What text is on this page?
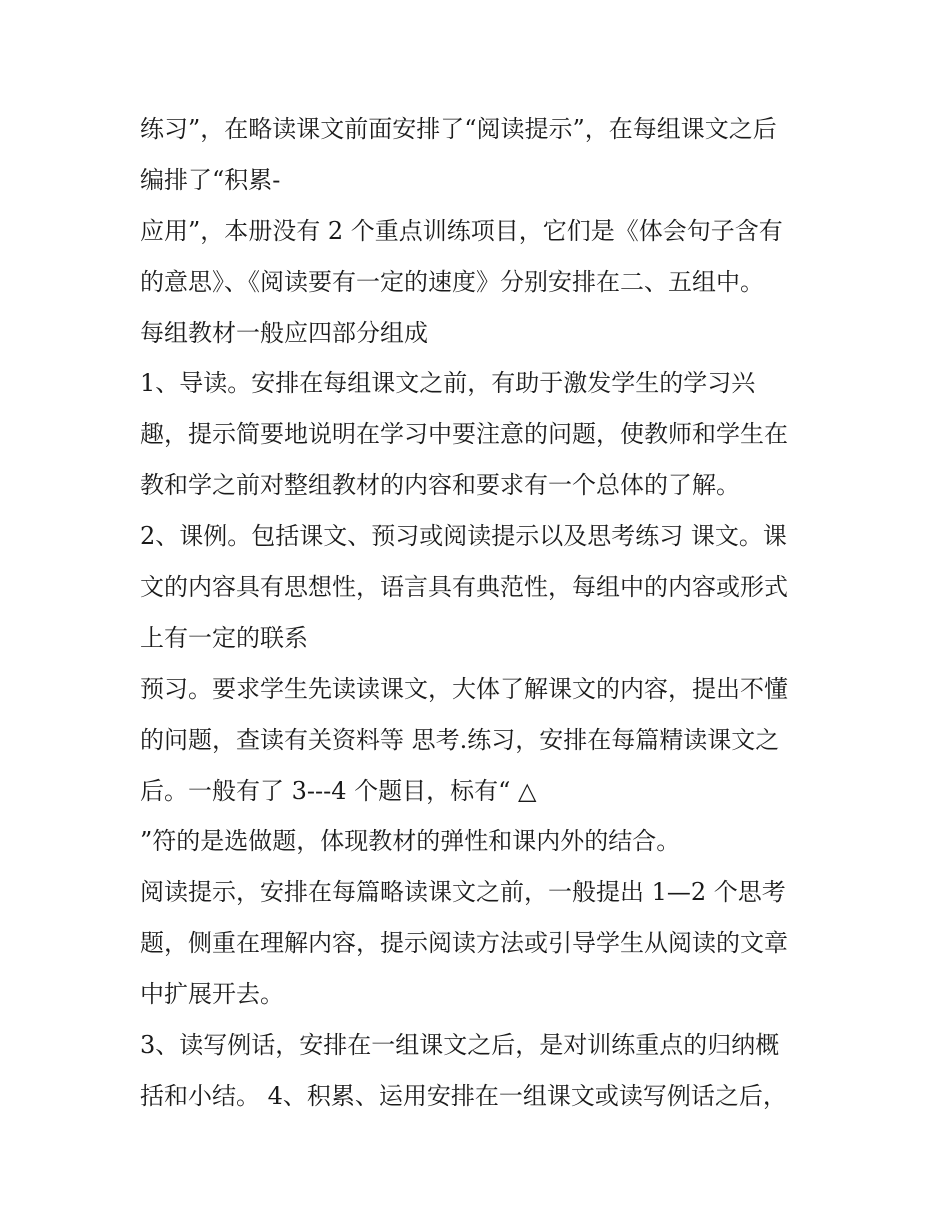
练习”，在略读课文前面安排了“阅读提示”，在每组课文之后
编排了“积累-
应用”，本册没有 2 个重点训练项目，它们是《体会句子含有
的意思》、《阅读要有一定的速度》分别安排在二、五组中。
每组教材一般应四部分组成
1、导读。安排在每组课文之前，有助于激发学生的学习兴
趣，提示简要地说明在学习中要注意的问题，使教师和学生在
教和学之前对整组教材的内容和要求有一个总体的了解。
2、课例。包括课文、预习或阅读提示以及思考练习 课文。课
文的内容具有思想性，语言具有典范性，每组中的内容或形式
上有一定的联系
预习。要求学生先读读课文，大体了解课文的内容，提出不懂
的问题，查读有关资料等 思考.练习，安排在每篇精读课文之
后。一般有了 3---4 个题目，标有“ △
”符的是选做题，体现教材的弹性和课内外的结合。
阅读提示，安排在每篇略读课文之前，一般提出 1—2 个思考
题，侧重在理解内容，提示阅读方法或引导学生从阅读的文章
中扩展开去。
3、读写例话，安排在一组课文之后，是对训练重点的归纳概
括和小结。 4、积累、运用安排在一组课文或读写例话之后，
